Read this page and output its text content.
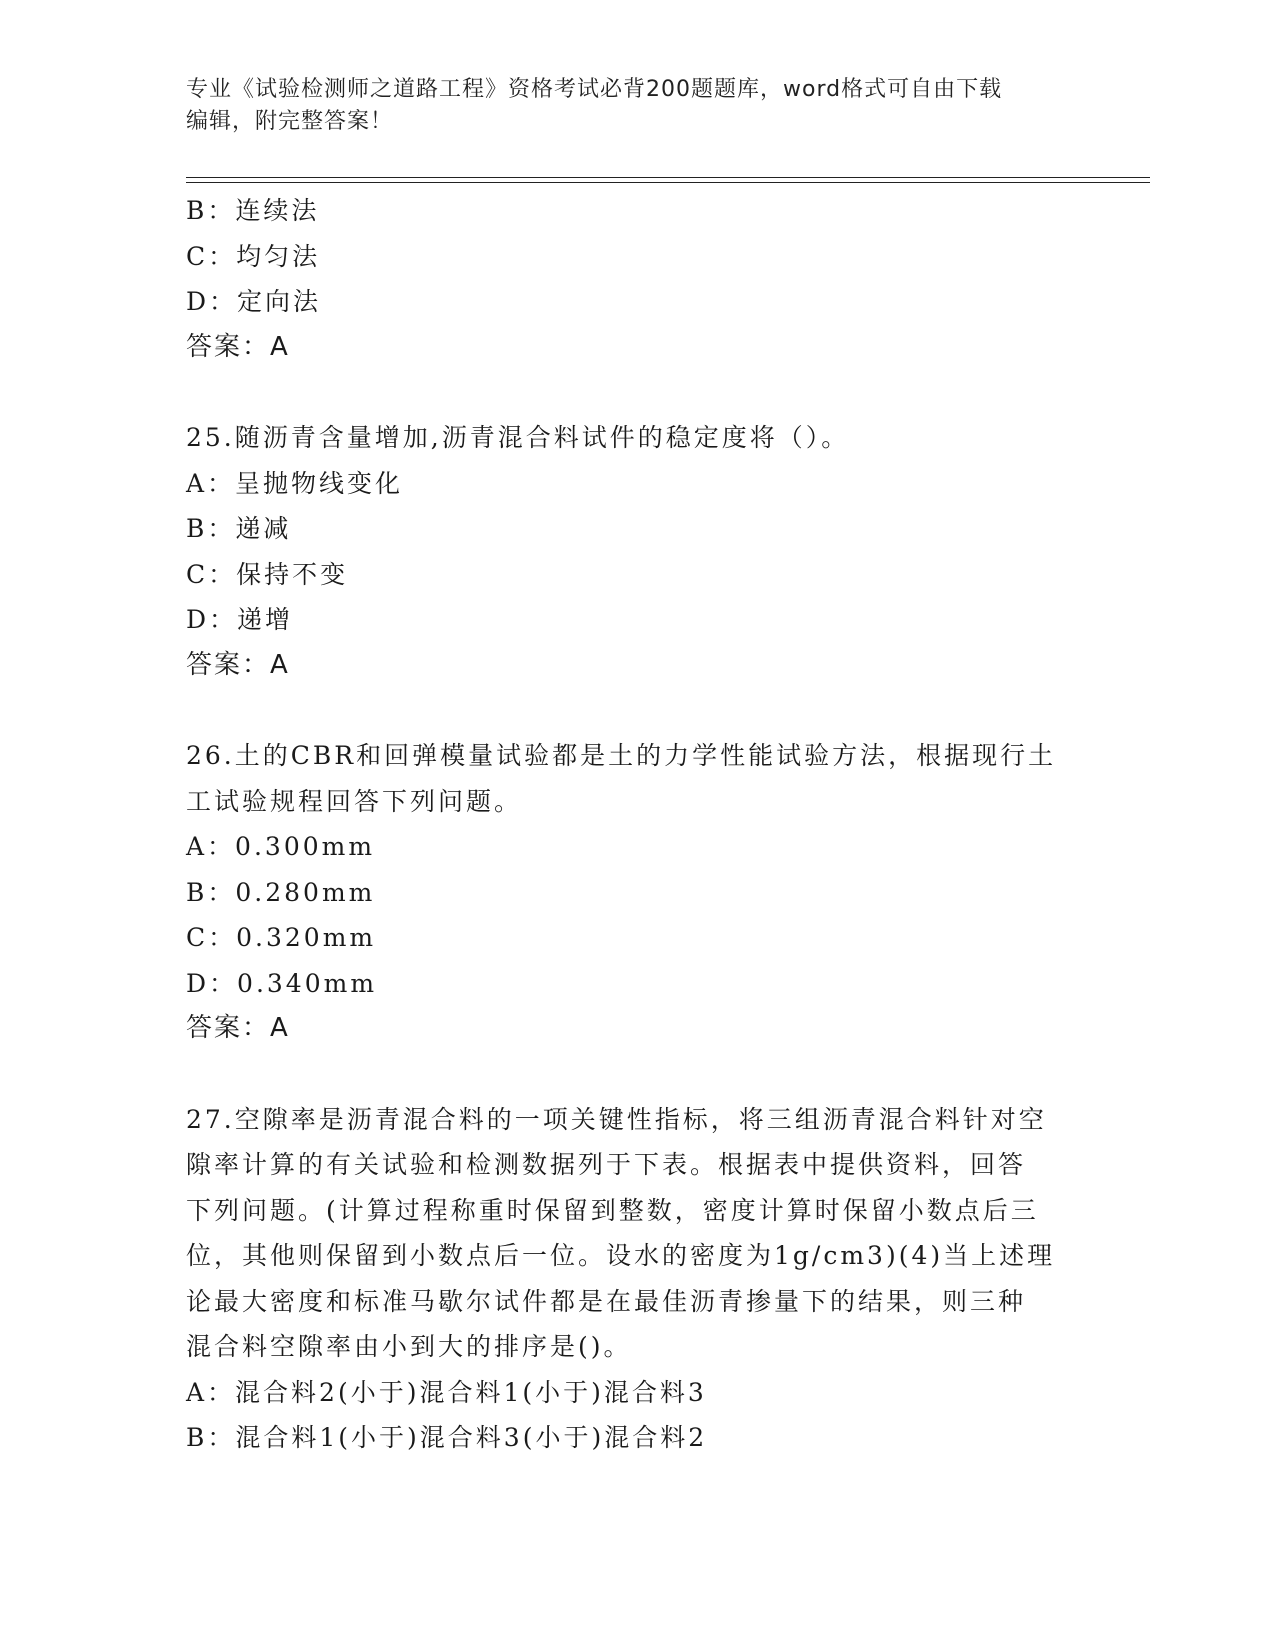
专业《试验检测师之道路工程》资格考试必背200题题库，word格式可自由下载
编辑，附完整答案！
B：连续法
C：均匀法
D：定向法
答案：A
25.随沥青含量增加,沥青混合料试件的稳定度将（）。
A：呈抛物线变化
B：递减
C：保持不变
D：递增
答案：A
26.土的CBR和回弹模量试验都是土的力学性能试验方法，根据现行土
工试验规程回答下列问题。
A：0.300mm
B：0.280mm
C：0.320mm
D：0.340mm
答案：A
27.空隙率是沥青混合料的一项关键性指标，将三组沥青混合料针对空
隙率计算的有关试验和检测数据列于下表。根据表中提供资料，回答
下列问题。(计算过程称重时保留到整数，密度计算时保留小数点后三
位，其他则保留到小数点后一位。设水的密度为1g/cm3)(4)当上述理
论最大密度和标准马歇尔试件都是在最佳沥青掺量下的结果，则三种
混合料空隙率由小到大的排序是()。
A：混合料2(小于)混合料1(小于)混合料3
B：混合料1(小于)混合料3(小于)混合料2
